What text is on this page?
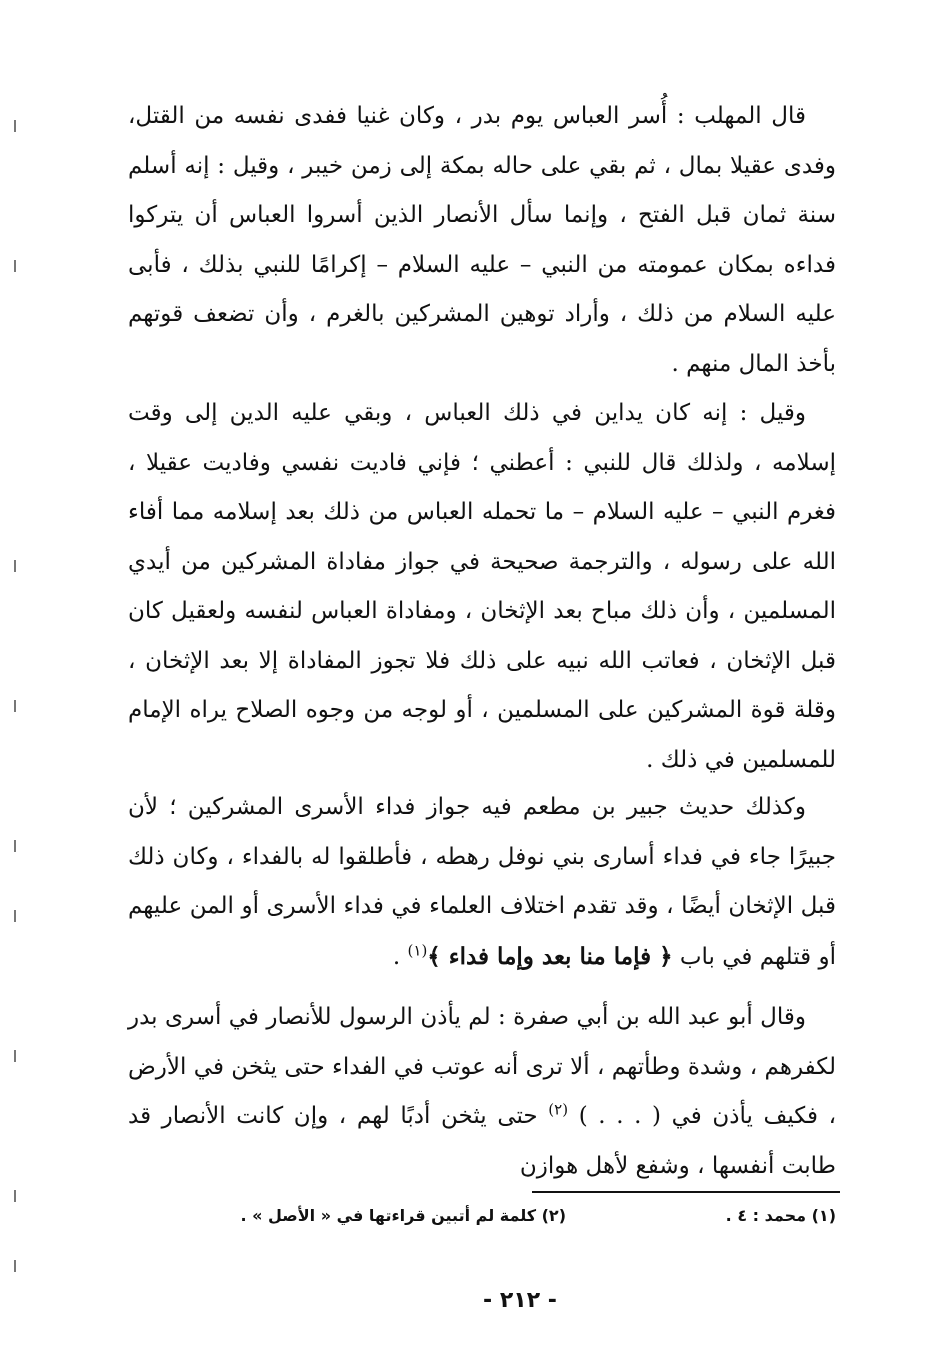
قال المهلب : أُسر العباس يوم بدر ، وكان غنيا ففدى نفسه من القتل، وفدى عقيلا بمال ، ثم بقي على حاله بمكة إلى زمن خيبر ، وقيل : إنه أسلم سنة ثمان قبل الفتح ، وإنما سأل الأنصار الذين أسروا العباس أن يتركوا فداءه بمكان عمومته من النبي – عليه السلام – إكرامًا للنبي بذلك ، فأبى عليه السلام من ذلك ، وأراد توهين المشركين بالغرم ، وأن تضعف قوتهم بأخذ المال منهم .

وقيل : إنه كان يداين في ذلك العباس ، وبقي عليه الدين إلى وقت إسلامه ، ولذلك قال للنبي : أعطني ؛ فإني فاديت نفسي وفاديت عقيلا ، فغرم النبي – عليه السلام – ما تحمله العباس من ذلك بعد إسلامه مما أفاء الله على رسوله ، والترجمة صحيحة في جواز مفاداة المشركين من أيدي المسلمين ، وأن ذلك مباح بعد الإثخان ، ومفاداة العباس لنفسه ولعقيل كان قبل الإثخان ، فعاتب الله نبيه على ذلك فلا تجوز المفاداة إلا بعد الإثخان ، وقلة قوة المشركين على المسلمين ، أو لوجه من وجوه الصلاح يراه الإمام للمسلمين في ذلك .

وكذلك حديث جبير بن مطعم فيه جواز فداء الأسرى المشركين ؛ لأن جبيرًا جاء في فداء أسارى بني نوفل رهطه ، فأطلقوا له بالفداء ، وكان ذلك قبل الإثخان أيضًا ، وقد تقدم اختلاف العلماء في فداء الأسرى أو المن عليهم أو قتلهم في باب ﴿ فإما منا بعد وإما فداء ﴾$^{(١)}$ .

وقال أبو عبد الله بن أبي صفرة : لم يأذن الرسول للأنصار في أسرى بدر لكفرهم ، وشدة وطأتهم ، ألا ترى أنه عوتب في الفداء حتى يثخن في الأرض ، فكيف يأذن في ( . . . ) $^{(٢)}$ حتى يثخن أدبًا لهم ، وإن كانت الأنصار قد طابت أنفسها ، وشفع لأهل هوازن

(١) محمد : ٤ .
(٢) كلمة لم أتبين قراءتها في « الأصل » .
- ٢١٢ -
